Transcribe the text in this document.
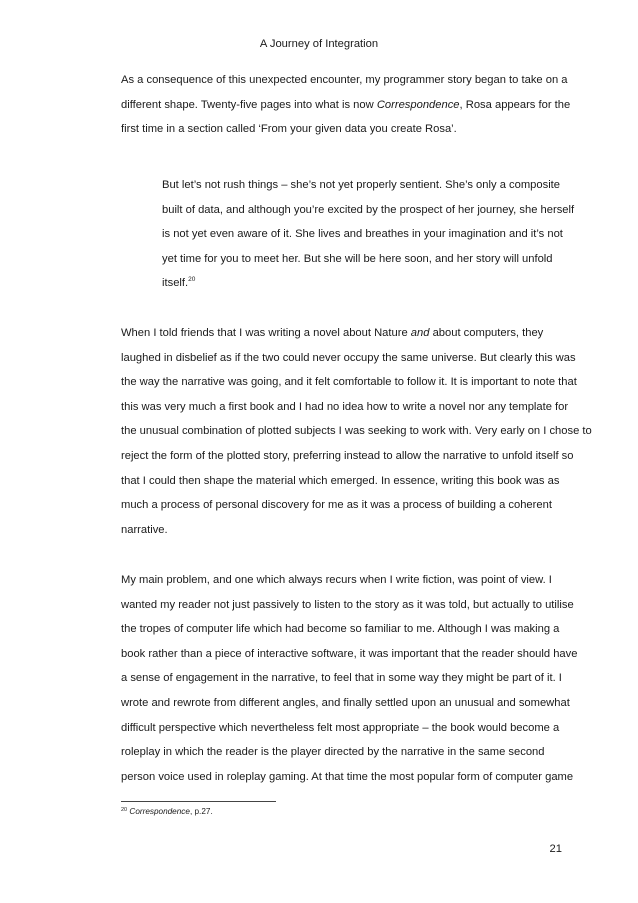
A Journey of Integration
As a consequence of this unexpected encounter, my programmer story began to take on a
different shape. Twenty-five pages into what is now Correspondence, Rosa appears for the
first time in a section called ‘From your given data you create Rosa’.
But let’s not rush things – she’s not yet properly sentient. She’s only a composite
built of data, and although you’re excited by the prospect of her journey, she herself
is not yet even aware of it. She lives and breathes in your imagination and it’s not
yet time for you to meet her. But she will be here soon, and her story will unfold
itself.$^{20}$
When I told friends that I was writing a novel about Nature and about computers, they
laughed in disbelief as if the two could never occupy the same universe. But clearly this was
the way the narrative was going, and it felt comfortable to follow it. It is important to note that
this was very much a first book and I had no idea how to write a novel nor any template for
the unusual combination of plotted subjects I was seeking to work with. Very early on I chose to
reject the form of the plotted story, preferring instead to allow the narrative to unfold itself so
that I could then shape the material which emerged. In essence, writing this book was as
much a process of personal discovery for me as it was a process of building a coherent
narrative.
My main problem, and one which always recurs when I write fiction, was point of view. I
wanted my reader not just passively to listen to the story as it was told, but actually to utilise
the tropes of computer life which had become so familiar to me. Although I was making a
book rather than a piece of interactive software, it was important that the reader should have
a sense of engagement in the narrative, to feel that in some way they might be part of it. I
wrote and rewrote from different angles, and finally settled upon an unusual and somewhat
difficult perspective which nevertheless felt most appropriate – the book would become a
roleplay in which the reader is the player directed by the narrative in the same second
person voice used in roleplay gaming. At that time the most popular form of computer game
$^{20}$ Correspondence, p.27.
21
